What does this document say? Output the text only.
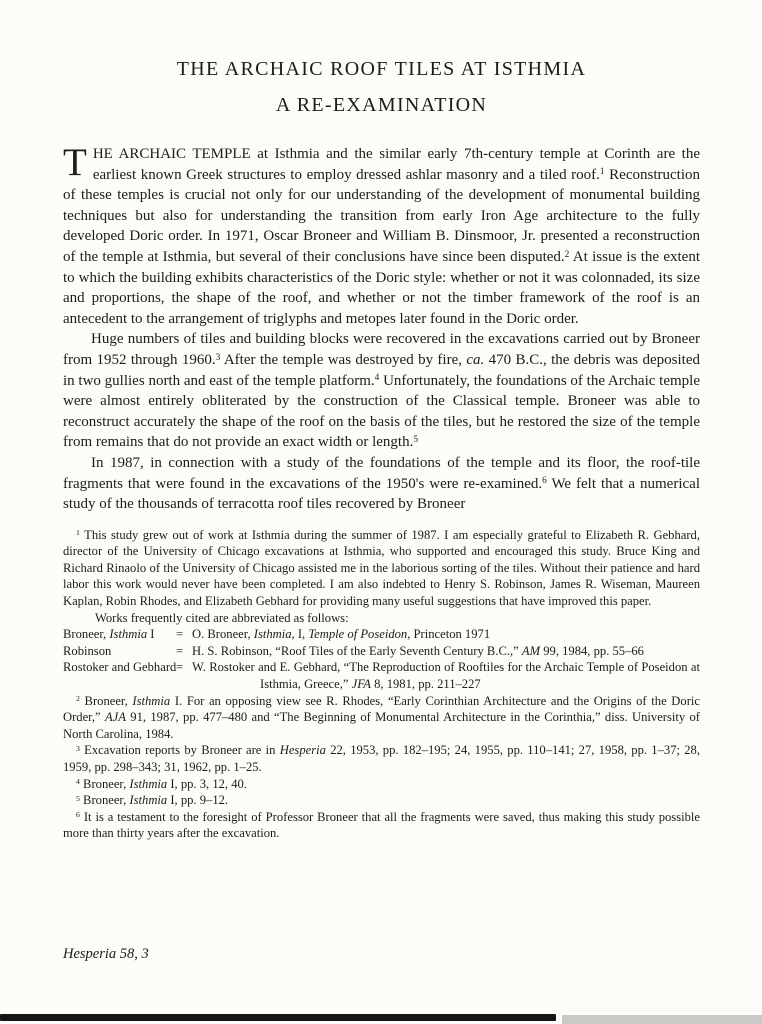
THE ARCHAIC ROOF TILES AT ISTHMIA
A RE-EXAMINATION

THE ARCHAIC TEMPLE at Isthmia and the similar early 7th-century temple at Corinth are the earliest known Greek structures to employ dressed ashlar masonry and a tiled roof.$^1$ Reconstruction of these temples is crucial not only for our understanding of the development of monumental building techniques but also for understanding the transition from early Iron Age architecture to the fully developed Doric order. In 1971, Oscar Broneer and William B. Dinsmoor, Jr. presented a reconstruction of the temple at Isthmia, but several of their conclusions have since been disputed.$^2$ At issue is the extent to which the building exhibits characteristics of the Doric style: whether or not it was colonnaded, its size and proportions, the shape of the roof, and whether or not the timber framework of the roof is an antecedent to the arrangement of triglyphs and metopes later found in the Doric order.

Huge numbers of tiles and building blocks were recovered in the excavations carried out by Broneer from 1952 through 1960.$^3$ After the temple was destroyed by fire, ca. 470 B.C., the debris was deposited in two gullies north and east of the temple platform.$^4$ Unfortunately, the foundations of the Archaic temple were almost entirely obliterated by the construction of the Classical temple. Broneer was able to reconstruct accurately the shape of the roof on the basis of the tiles, but he restored the size of the temple from remains that do not provide an exact width or length.$^5$

In 1987, in connection with a study of the foundations of the temple and its floor, the roof-tile fragments that were found in the excavations of the 1950's were re-examined.$^6$ We felt that a numerical study of the thousands of terracotta roof tiles recovered by Broneer

$^1$ This study grew out of work at Isthmia during the summer of 1987. I am especially grateful to Elizabeth R. Gebhard, director of the University of Chicago excavations at Isthmia, who supported and encouraged this study. Bruce King and Richard Rinaolo of the University of Chicago assisted me in the laborious sorting of the tiles. Without their patience and hard labor this work would never have been completed. I am also indebted to Henry S. Robinson, James R. Wiseman, Maureen Kaplan, Robin Rhodes, and Elizabeth Gebhard for providing many useful suggestions that have improved this paper.

Works frequently cited are abbreviated as follows:

Broneer, Isthmia I	= O. Broneer, Isthmia, I, Temple of Poseidon, Princeton 1971
Robinson	= H. S. Robinson, “Roof Tiles of the Early Seventh Century B.C.,” AM 99, 1984, pp. 55–66
Rostoker and Gebhard = W. Rostoker and E. Gebhard, “The Reproduction of Rooftiles for the Archaic Temple of Poseidon at Isthmia, Greece,” JFA 8, 1981, pp. 211–227

$^2$ Broneer, Isthmia I. For an opposing view see R. Rhodes, “Early Corinthian Architecture and the Origins of the Doric Order,” AJA 91, 1987, pp. 477–480 and “The Beginning of Monumental Architecture in the Corinthia,” diss. University of North Carolina, 1984.

$^3$ Excavation reports by Broneer are in Hesperia 22, 1953, pp. 182–195; 24, 1955, pp. 110–141; 27, 1958, pp. 1–37; 28, 1959, pp. 298–343; 31, 1962, pp. 1–25.

$^4$ Broneer, Isthmia I, pp. 3, 12, 40.

$^5$ Broneer, Isthmia I, pp. 9–12.

$^6$ It is a testament to the foresight of Professor Broneer that all the fragments were saved, thus making this study possible more than thirty years after the excavation.

Hesperia 58, 3
